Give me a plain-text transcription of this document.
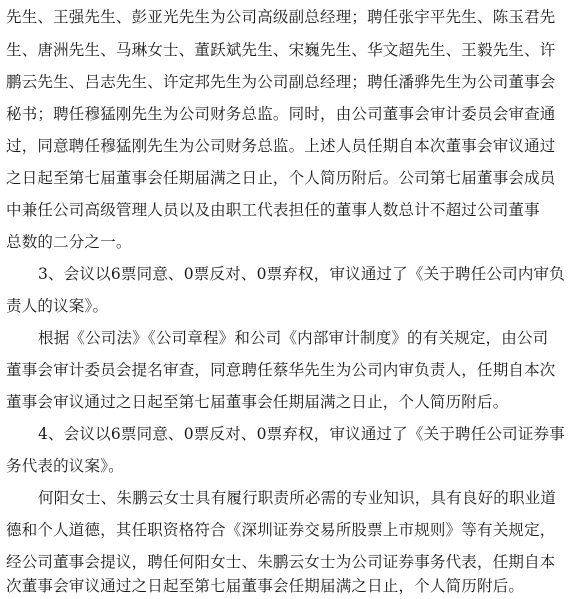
先生、王强先生、彭亚光先生为公司高级副总经理；聘任张宇平先生、陈玉君先
生、唐洲先生、马琳女士、董跃斌先生、宋巍先生、华文超先生、王毅先生、许
鹏云先生、吕志先生、许定邦先生为公司副总经理；聘任潘骅先生为公司董事会
秘书；聘任穆猛刚先生为公司财务总监。同时，由公司董事会审计委员会审查通
过，同意聘任穆猛刚先生为公司财务总监。上述人员任期自本次董事会审议通过
之日起至第七届董事会任期届满之日止，个人简历附后。公司第七届董事会成员
中兼任公司高级管理人员以及由职工代表担任的董事人数总计不超过公司董事
总数的二分之一。
3、会议以6票同意、0票反对、0票弃权，审议通过了《关于聘任公司内审负
责人的议案》。
根据《公司法》《公司章程》和公司《内部审计制度》的有关规定，由公司
董事会审计委员会提名审查，同意聘任蔡华先生为公司内审负责人，任期自本次
董事会审议通过之日起至第七届董事会任期届满之日止，个人简历附后。
4、会议以6票同意、0票反对、0票弃权，审议通过了《关于聘任公司证券事
务代表的议案》。
何阳女士、朱鹏云女士具有履行职责所必需的专业知识，具有良好的职业道
德和个人道德，其任职资格符合《深圳证券交易所股票上市规则》等有关规定，
经公司董事会提议，聘任何阳女士、朱鹏云女士为公司证券事务代表，任期自本
次董事会审议通过之日起至第七届董事会任期届满之日止，个人简历附后。
